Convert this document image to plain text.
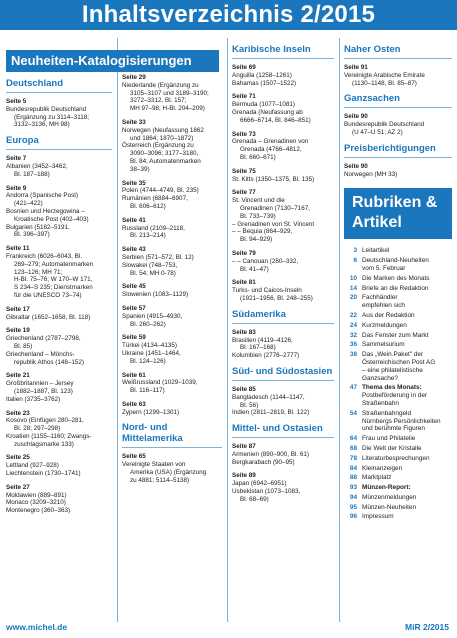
Inhaltsverzeichnis 2/2015
Neuheiten-Katalogisierungen
Deutschland
Seite 5
Bundesrepublik Deutschland
(Ergänzung zu 3114–3118;
3132–3136, MH 98)
Europa
Seite 7
Albanien (3452–3462,
Bl. 187–188)
Seite 9
Andorra (Spanische Post)
(421–422)
Bosnien und Herzegowina –
Kroatische Post (402–403)
Bulgarien (5182–5191,
Bl. 396–397)
Seite 11
Frankreich (6026–6043, Bl.
269–279; Automatenmarken
123–126; MH 71;
H-Bl. 75–76; W 170–W 171,
S 234–S 235; Dienstmarken
für die UNESCO 73–74)
Seite 17
Gibraltar (1652–1658, Bl. 118)
Seite 19
Griechenland (2787–2798,
Bl. 85)
Griechenland – Mönchs-
republik Athos (148–152)
Seite 21
Großbritannien – Jersey
(1882–1887, Bl. 123)
Italien (3735–3762)
Seite 23
Kosovo (Einfügen 280–281,
Bl. 28; 297–298)
Kroatien (1155–1160; Zwangs-
zuschlagsmarke 133)
Seite 25
Lettland (927–928)
Liechtenstein (1730–1741)
Seite 27
Moldawien (889–891)
Monaco (3209–3210)
Montenegro (360–363)
Seite 29
Niederlande (Ergänzung zu
3105–3107 und 3189–3190;
3272–3312, Bl. 157;
MH 97–98; H-Bl. 204–209)
Seite 33
Norwegen (Neufassung 1862
und 1864; 1870–1872)
Österreich (Ergänzung zu
3090–3096; 3177–3180,
Bl. 84; Automatenmarken
38–39)
Seite 35
Polen (4744–4749, Bl. 235)
Rumänien (6884–6907,
Bl. 606–612)
Seite 41
Russland (2109–2118,
Bl. 213–214)
Seite 43
Serbien (571–572, Bl. 12)
Slowakei (748–753,
Bl. 54; MH 0-78)
Seite 45
Slowenien (1083–1129)
Seite 57
Spanien (4915–4930,
Bl. 260–262)
Seite 59
Türkei (4134–4135)
Ukraine (1451–1464,
Bl. 124–126)
Seite 61
Weißrussland (1029–1039,
Bl. 116–117)
Seite 63
Zypern (1299–1301)
Nord- und Mittelamerika
Seite 65
Vereinigte Staaten von
Amerika (USA) (Ergänzung
zu 4881; 5114–5138)
Karibische Inseln
Seite 69
Anguilla (1258–1261)
Bahamas (1507–1522)
Seite 71
Bermuda (1077–1081)
Grenada (Neufassung ab
6666–6714, Bl. 846–851)
Seite 73
Grenada – Grenadinen von
Grenada (4766–4812,
Bl. 660–671)
Seite 75
St. Kitts (1350–1375, Bl. 135)
Seite 77
St. Vincent und die
Grenadinen (7130–7167,
Bl. 733–739)
– Grenadinen von St. Vincent
– – Bequia (864–929,
Bl. 94–929)
Seite 79
– – Canouan (280–332,
Bl. 41–47)
Seite 81
Turks- und Caicos-Inseln
(1921–1956, Bl. 248–255)
Südamerika
Seite 83
Brasilien (4119–4126,
Bl. 167–168)
Kolumbien (2776–2777)
Süd- und Südostasien
Seite 85
Bangladesch (1144–1147,
Bl. 56)
Indien (2811–2819, Bl. 122)
Mittel- und Ostasien
Seite 87
Armenien (890–900, Bl. 61)
Bergkarabach (90–95)
Seite 89
Japan (6942–6951)
Usbekistan (1073–1083,
Bl. 68–69)
Naher Osten
Seite 91
Vereinigte Arabische Emirate
(1130–1148, Bl. 85–87)
Ganzsachen
Seite 90
Bundesrepublik Deutschland
(U 47–U 51; AZ 2)
Preisberichtigungen
Seite 90
Norwegen (MH 33)
Rubriken &
Artikel
3 Leitartikel
6 Deutschland-Neuheiten
vom 5. Februar
10 Die Marken des Monats
14 Briefe an die Redaktion
20 Fachhändler
empfehlen sich
22 Aus der Redaktion
24 Kurzmeldungen
32 Das Fenster zum Markt
36 Sammelsurium
38 Das „Wein.Paket" der
Österreichischen Post AG
– eine philatelistische
Ganzsache?
47 Thema des Monats:
Postbeförderung in der
Straßenbahn
54 Straßenbahngeld
Nürnbergs Persönlichkeiten
und berühmte Figuren
64 Frau und Philatelie
68 Die Welt der Kristalle
78 Literaturbesprechungen
84 Kleinanzeigen
88 Marktplatz
93 Münzen-Report:
94 Münzenmeldungen
95 Münzen-Neuheiten
96 Impressum
www.michel.de	MiR 2/2015
